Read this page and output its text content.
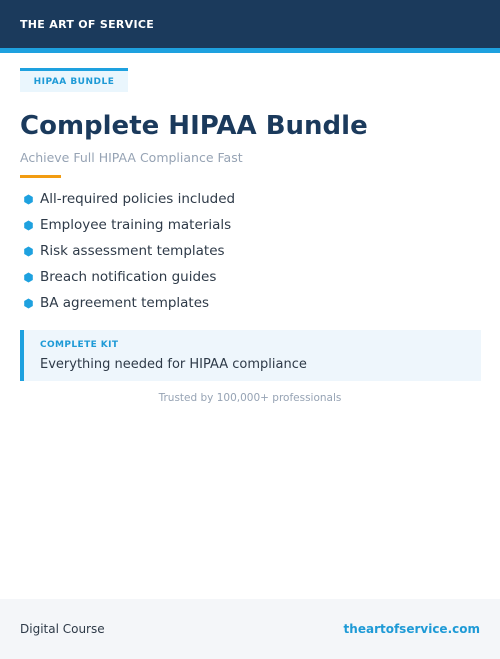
THE ART OF SERVICE
HIPAA BUNDLE
Complete HIPAA Bundle
Achieve Full HIPAA Compliance Fast
All-required policies included
Employee training materials
Risk assessment templates
Breach notification guides
BA agreement templates
COMPLETE KIT
Everything needed for HIPAA compliance
Trusted by 100,000+ professionals
Digital Course	theartofservice.com
